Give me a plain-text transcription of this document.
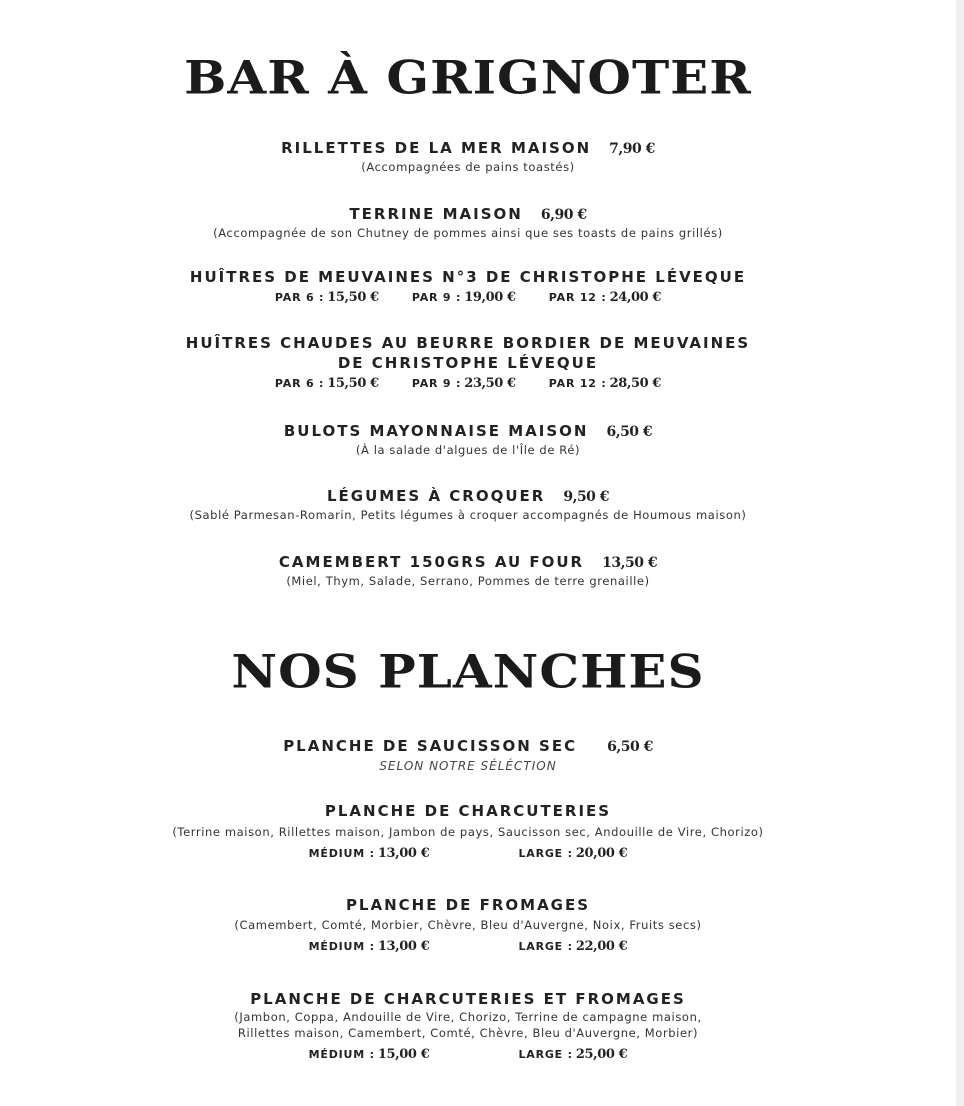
BAR À GRIGNOTER
RILLETTES DE LA MER MAISON 7,90 €
(Accompagnées de pains toastés)
TERRINE MAISON 6,90 €
(Accompagnée de son Chutney de pommes ainsi que ses toasts de pains grillés)
HUÎTRES DE MEUVAINES N°3 DE CHRISTOPHE LÉVEQUE
PAR 6 : 15,50 €	PAR 9 : 19,00 €	PAR 12 : 24,00 €
HUÎTRES CHAUDES AU BEURRE BORDIER DE MEUVAINES
DE CHRISTOPHE LÉVEQUE
PAR 6 : 15,50 €	PAR 9 : 23,50 €	PAR 12 : 28,50 €
BULOTS MAYONNAISE MAISON 6,50 €
(À la salade d'algues de l'Île de Ré)
LÉGUMES À CROQUER 9,50 €
(Sablé Parmesan-Romarin, Petits légumes à croquer accompagnés de Houmous maison)
CAMEMBERT 150GRS AU FOUR 13,50 €
(Miel, Thym, Salade, Serrano, Pommes de terre grenaille)
NOS PLANCHES
PLANCHE DE SAUCISSON SEC 6,50 €
SELON NOTRE SÉLÉCTION
PLANCHE DE CHARCUTERIES
(Terrine maison, Rillettes maison, Jambon de pays, Saucisson sec, Andouille de Vire, Chorizo)
MÉDIUM : 13,00 €	LARGE : 20,00 €
PLANCHE DE FROMAGES
(Camembert, Comté, Morbier, Chèvre, Bleu d'Auvergne, Noix, Fruits secs)
MÉDIUM : 13,00 €	LARGE : 22,00 €
PLANCHE DE CHARCUTERIES ET FROMAGES
(Jambon, Coppa, Andouille de Vire, Chorizo, Terrine de campagne maison,
Rillettes maison, Camembert, Comté, Chèvre, Bleu d'Auvergne, Morbier)
MÉDIUM : 15,00 €	LARGE : 25,00 €
